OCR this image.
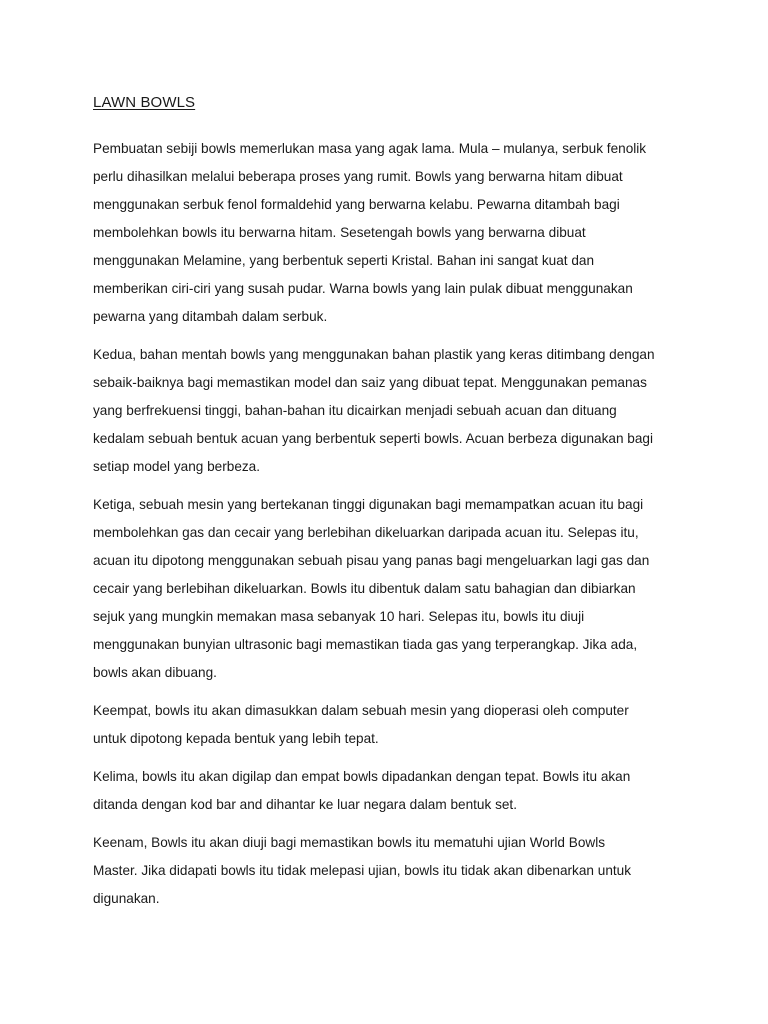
LAWN BOWLS

Pembuatan sebiji bowls memerlukan masa yang agak lama. Mula – mulanya, serbuk fenolik
perlu dihasilkan melalui beberapa proses yang rumit. Bowls yang berwarna hitam dibuat
menggunakan serbuk fenol formaldehid yang berwarna kelabu. Pewarna ditambah bagi
membolehkan bowls itu berwarna hitam. Sesetengah bowls yang berwarna dibuat
menggunakan Melamine, yang berbentuk seperti Kristal. Bahan ini sangat kuat dan
memberikan ciri-ciri yang susah pudar. Warna bowls yang lain pulak dibuat menggunakan
pewarna yang ditambah dalam serbuk.

Kedua, bahan mentah bowls yang menggunakan bahan plastik yang keras ditimbang dengan
sebaik-baiknya bagi memastikan model dan saiz yang dibuat tepat. Menggunakan pemanas
yang berfrekuensi tinggi, bahan-bahan itu dicairkan menjadi sebuah acuan dan dituang
kedalam sebuah bentuk acuan yang berbentuk seperti bowls. Acuan berbeza digunakan bagi
setiap model yang berbeza.

Ketiga, sebuah mesin yang bertekanan tinggi digunakan bagi memampatkan acuan itu bagi
membolehkan gas dan cecair yang berlebihan dikeluarkan daripada acuan itu. Selepas itu,
acuan itu dipotong menggunakan sebuah pisau yang panas bagi mengeluarkan lagi gas dan
cecair yang berlebihan dikeluarkan. Bowls itu dibentuk dalam satu bahagian dan dibiarkan
sejuk yang mungkin memakan masa sebanyak 10 hari. Selepas itu, bowls itu diuji
menggunakan bunyian ultrasonic bagi memastikan tiada gas yang terperangkap. Jika ada,
bowls akan dibuang.

Keempat, bowls itu akan dimasukkan dalam sebuah mesin yang dioperasi oleh computer
untuk dipotong kepada bentuk yang lebih tepat.

Kelima, bowls itu akan digilap dan empat bowls dipadankan dengan tepat. Bowls itu akan
ditanda dengan kod bar and dihantar ke luar negara dalam bentuk set.

Keenam, Bowls itu akan diuji bagi memastikan bowls itu mematuhi ujian World Bowls
Master. Jika didapati bowls itu tidak melepasi ujian, bowls itu tidak akan dibenarkan untuk
digunakan.
